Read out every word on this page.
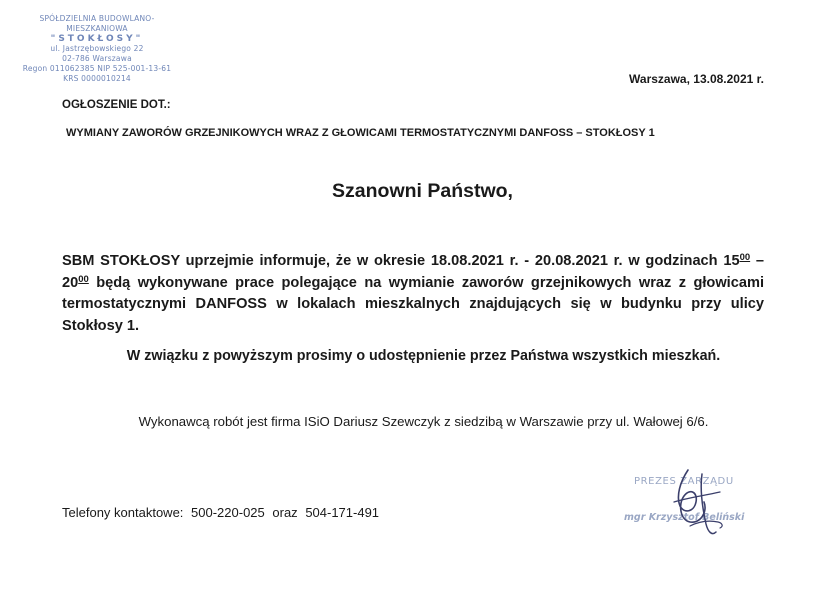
SPÓŁDZIELNIA BUDOWLANO-MIESZKANIOWA
"STOKŁOSY"
ul. Jastrzębowskiego 22
02-786 Warszawa
Regon 011062385 NIP 525-001-13-61
KRS 0000010214	Warszawa, 13.08.2021 r.
OGŁOSZENIE DOT.:
WYMIANY ZAWORÓW GRZEJNIKOWYCH WRAZ Z GŁOWICAMI TERMOSTATYCZNYMI DANFOSS – STOKŁOSY 1
Szanowni Państwo,
SBM STOKŁOSY uprzejmie informuje, że w okresie 18.08.2021 r. - 20.08.2021 r. w godzinach $15^{00} - 20^{00}$ będą wykonywane prace polegające na wymianie zaworów grzejnikowych wraz z głowicami termostatycznymi DANFOSS w lokalach mieszkalnych znajdujących się w budynku przy ulicy Stokłosy 1.
W związku z powyższym prosimy o udostępnienie przez Państwa wszystkich mieszkań.
Wykonawcą robót jest firma ISiO Dariusz Szewczyk z siedzibą w Warszawie przy ul. Wałowej 6/6.
Telefony kontaktowe: 500-220-025 oraz 504-171-491
PREZES ZARZĄDU
mgr Krzysztof Beliński
